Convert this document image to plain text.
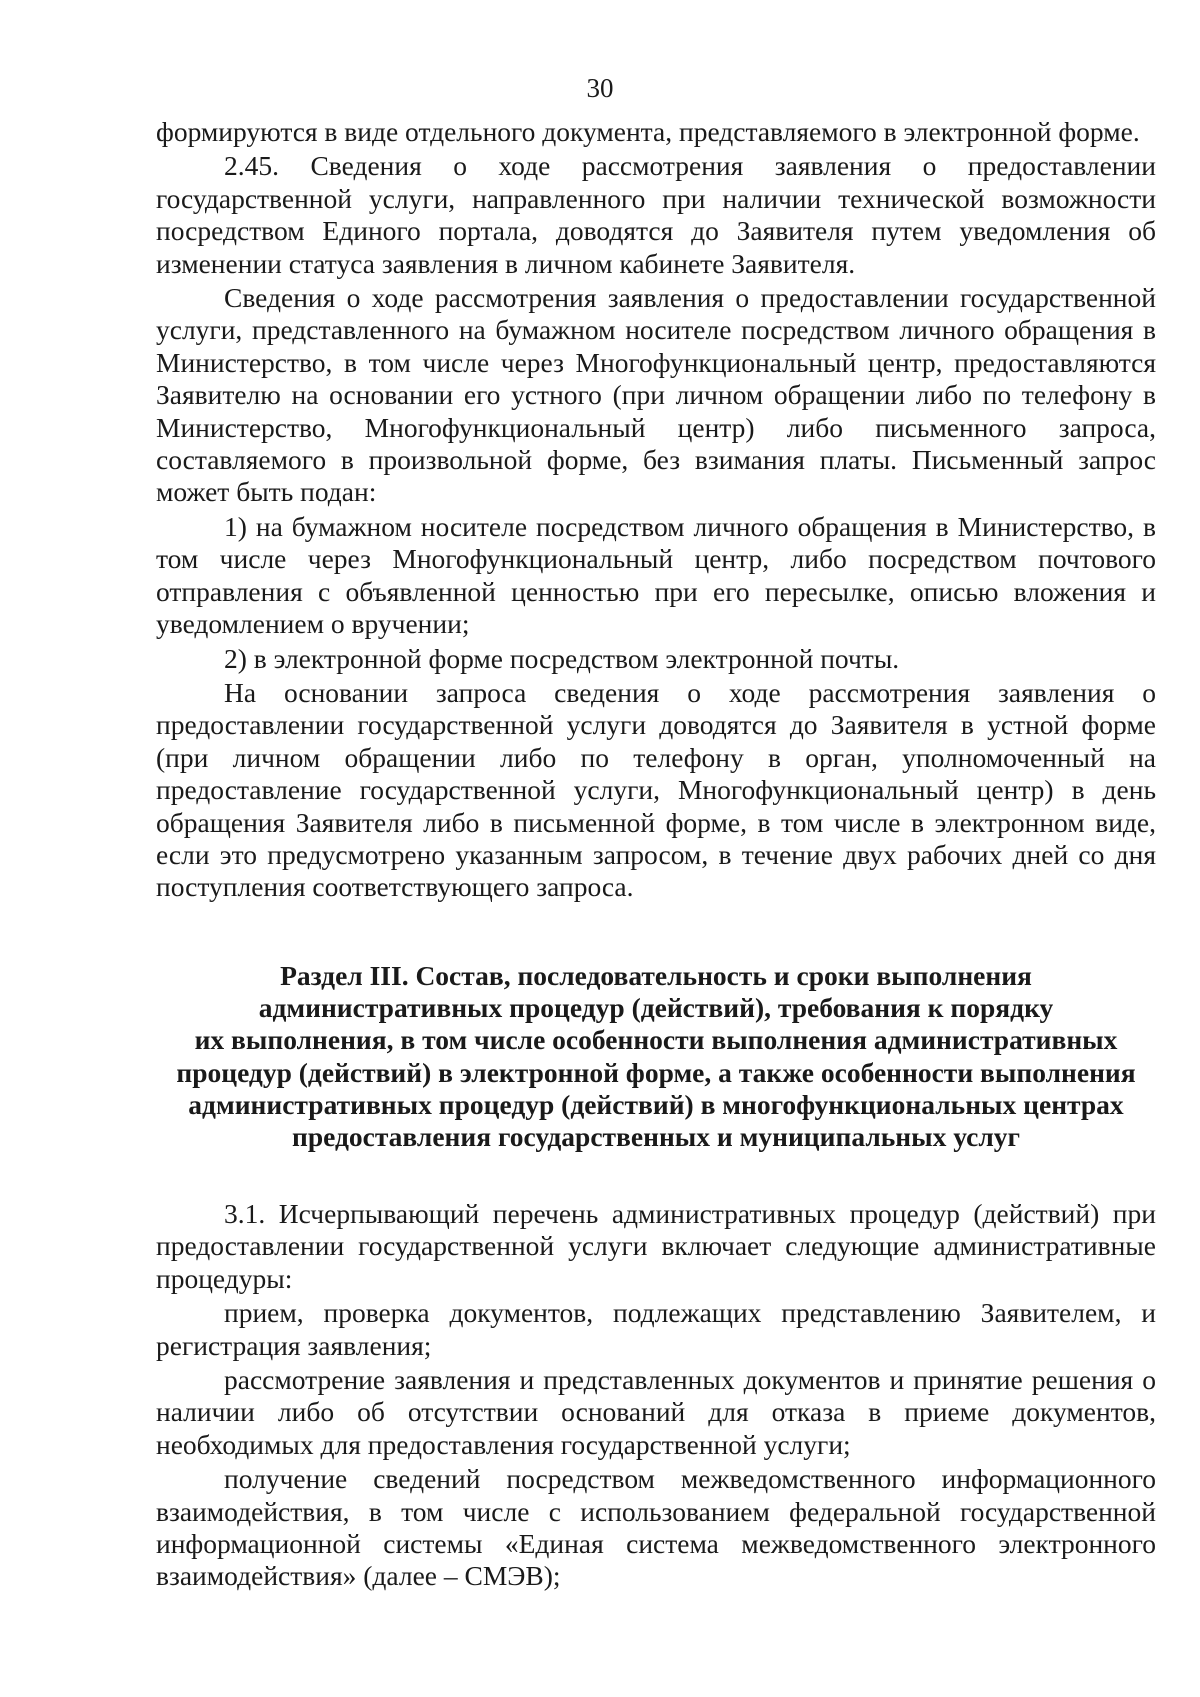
30

формируются в виде отдельного документа, представляемого в электронной форме.

2.45. Сведения о ходе рассмотрения заявления о предоставлении государственной услуги, направленного при наличии технической возможности посредством Единого портала, доводятся до Заявителя путем уведомления об изменении статуса заявления в личном кабинете Заявителя.

Сведения о ходе рассмотрения заявления о предоставлении государственной услуги, представленного на бумажном носителе посредством личного обращения в Министерство, в том числе через Многофункциональный центр, предоставляются Заявителю на основании его устного (при личном обращении либо по телефону в Министерство, Многофункциональный центр) либо письменного запроса, составляемого в произвольной форме, без взимания платы. Письменный запрос может быть подан:

1) на бумажном носителе посредством личного обращения в Министерство, в том числе через Многофункциональный центр, либо посредством почтового отправления с объявленной ценностью при его пересылке, описью вложения и уведомлением о вручении;

2) в электронной форме посредством электронной почты.

На основании запроса сведения о ходе рассмотрения заявления о предоставлении государственной услуги доводятся до Заявителя в устной форме (при личном обращении либо по телефону в орган, уполномоченный на предоставление государственной услуги, Многофункциональный центр) в день обращения Заявителя либо в письменной форме, в том числе в электронном виде, если это предусмотрено указанным запросом, в течение двух рабочих дней со дня поступления соответствующего запроса.

Раздел III. Состав, последовательность и сроки выполнения
административных процедур (действий), требования к порядку
их выполнения, в том числе особенности выполнения административных
процедур (действий) в электронной форме, а также особенности выполнения
административных процедур (действий) в многофункциональных центрах
предоставления государственных и муниципальных услуг

3.1. Исчерпывающий перечень административных процедур (действий) при предоставлении государственной услуги включает следующие административные процедуры:

прием, проверка документов, подлежащих представлению Заявителем, и регистрация заявления;

рассмотрение заявления и представленных документов и принятие решения о наличии либо об отсутствии оснований для отказа в приеме документов, необходимых для предоставления государственной услуги;

получение сведений посредством межведомственного информационного взаимодействия, в том числе с использованием федеральной государственной информационной системы «Единая система межведомственного электронного взаимодействия» (далее – СМЭВ);
